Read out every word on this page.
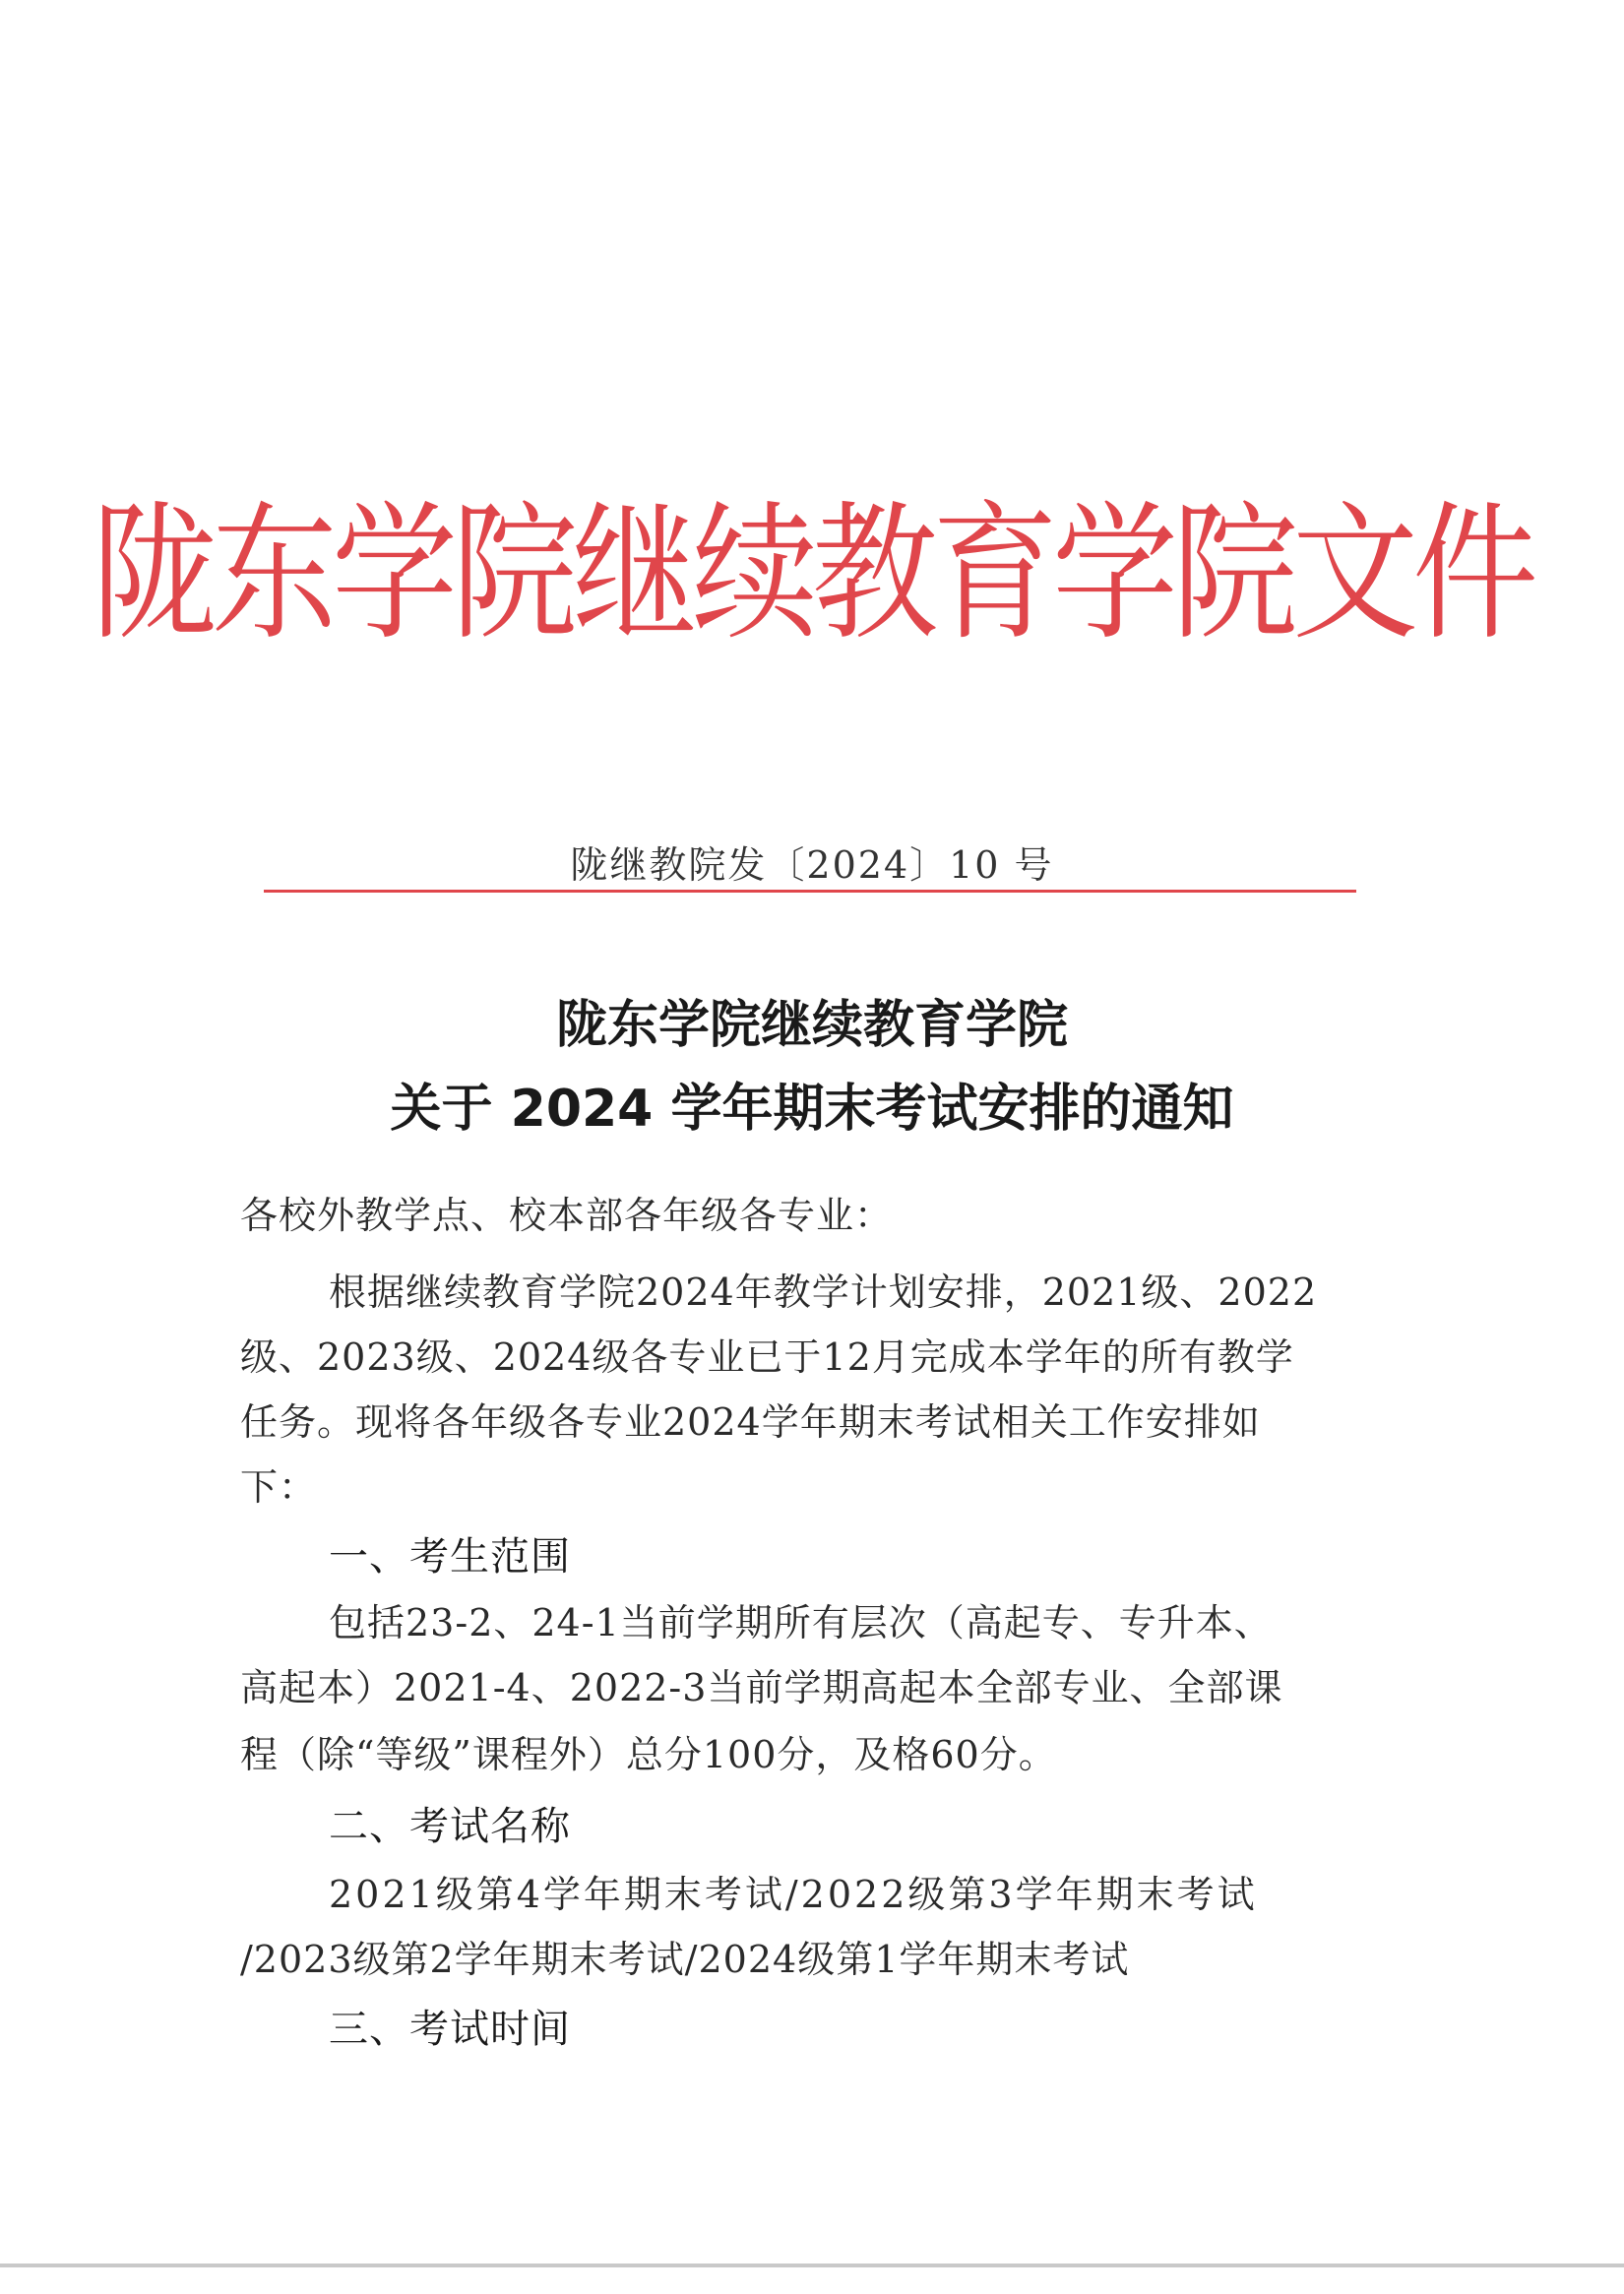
陇东学院继续教育学院文件
陇继教院发〔2024〕10 号
陇东学院继续教育学院
关于 2024 学年期末考试安排的通知
各校外教学点、校本部各年级各专业：
根据继续教育学院2024年教学计划安排，2021级、2022
级、2023级、2024级各专业已于12月完成本学年的所有教学
任务。现将各年级各专业2024学年期末考试相关工作安排如
下：
一、考生范围
包括23-2、24-1当前学期所有层次（高起专、专升本、
高起本）2021-4、2022-3当前学期高起本全部专业、全部课
程（除“等级”课程外）总分100分，及格60分。
二、考试名称
2021级第4学年期末考试/2022级第3学年期末考试
/2023级第2学年期末考试/2024级第1学年期末考试
三、考试时间
